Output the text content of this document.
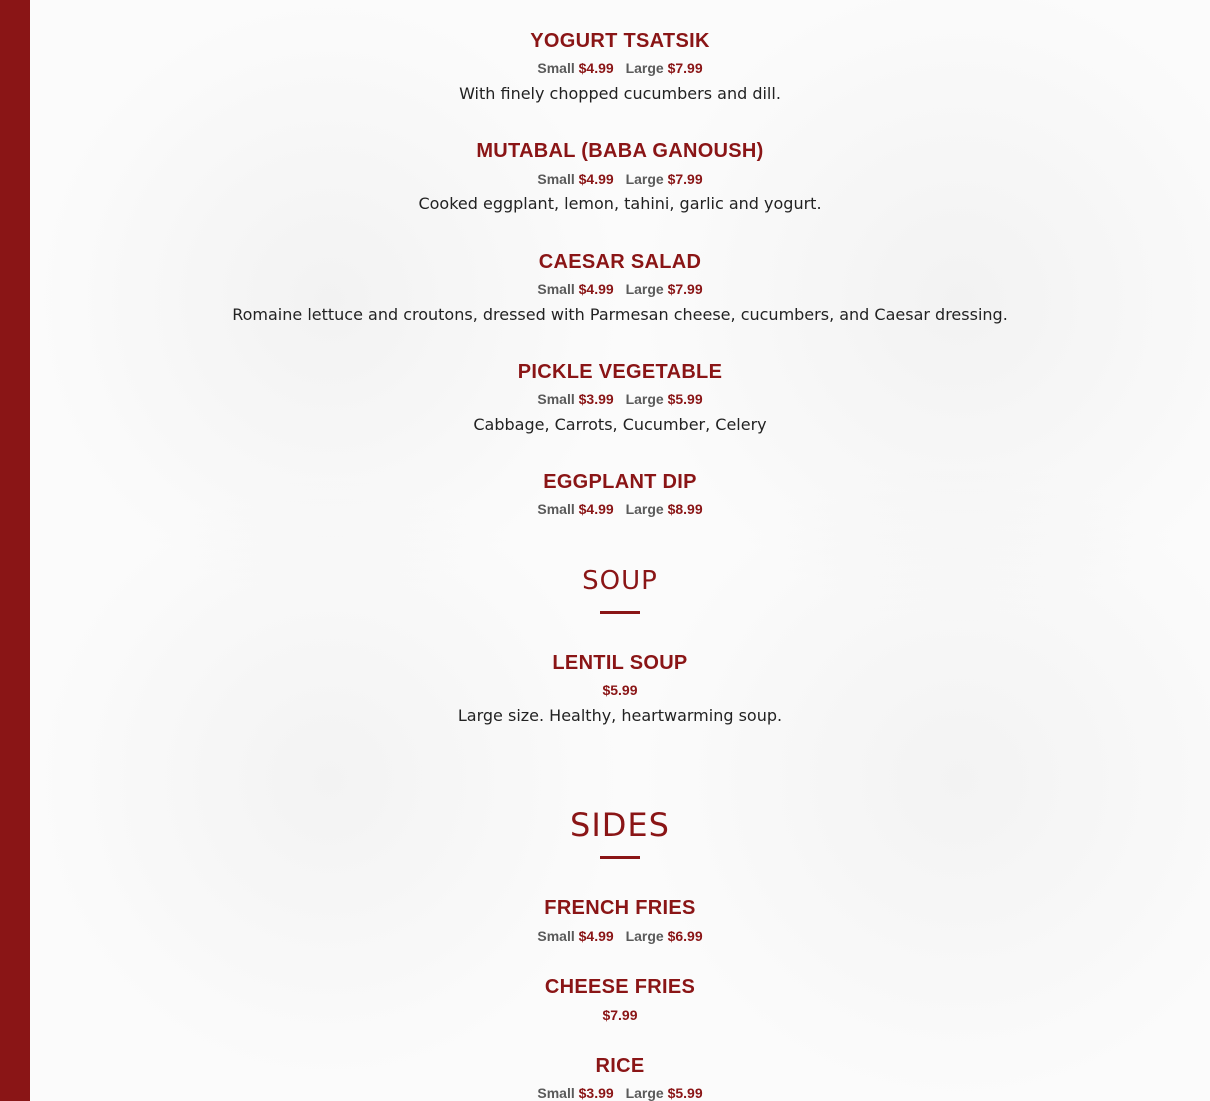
YOGURT TSATSIK
Small $4.99 Large $7.99
With finely chopped cucumbers and dill.
MUTABAL (BABA GANOUSH)
Small $4.99 Large $7.99
Cooked eggplant, lemon, tahini, garlic and yogurt.
CAESAR SALAD
Small $4.99 Large $7.99
Romaine lettuce and croutons, dressed with Parmesan cheese, cucumbers, and Caesar dressing.
PICKLE VEGETABLE
Small $3.99 Large $5.99
Cabbage, Carrots, Cucumber, Celery
EGGPLANT DIP
Small $4.99 Large $8.99
SOUP
LENTIL SOUP
$5.99
Large size. Healthy, heartwarming soup.
SIDES
FRENCH FRIES
Small $4.99 Large $6.99
CHEESE FRIES
$7.99
RICE
Small $3.99 Large $5.99
